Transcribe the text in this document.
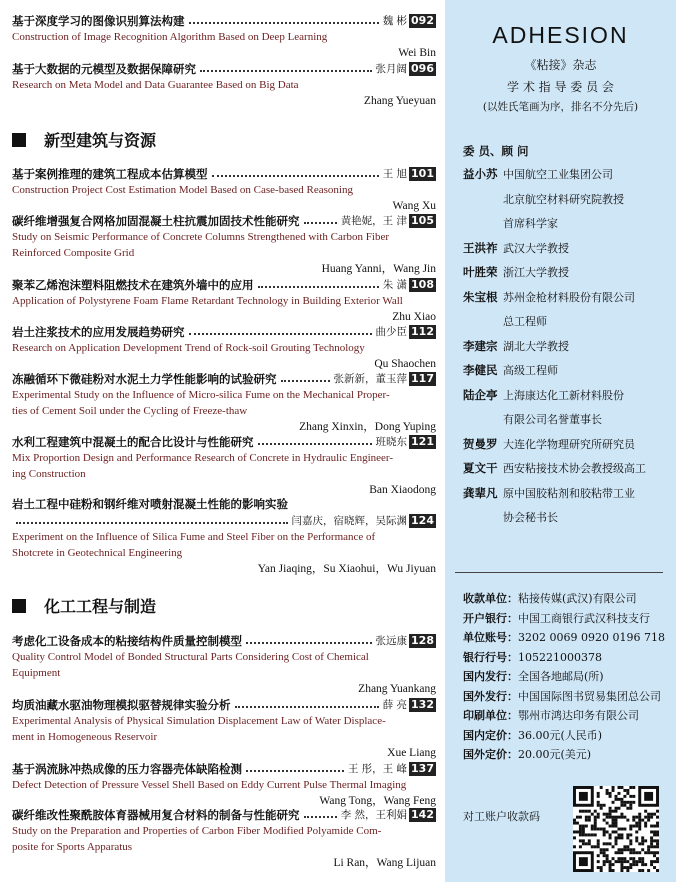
基于深度学习的图像识别算法构建	魏 彬 092
Construction of Image Recognition Algorithm Based on Deep Learning
Wei Bin
基于大数据的元模型及数据保障研究	张月阔 096
Research on Meta Model and Data Guarantee Based on Big Data
Zhang Yueyuan
新型建筑与资源
基于案例推理的建筑工程成本估算模型	王 旭 101
Construction Project Cost Estimation Model Based on Case-based Reasoning
Wang Xu
碳纤维增强复合网格加固混凝土柱抗震加固技术性能研究	黄艳妮，王 津 105
Study on Seismic Performance of Concrete Columns Strengthened with Carbon Fiber
Reinforced Composite Grid
Huang Yanni，Wang Jin
聚苯乙烯泡沫塑料阻燃技术在建筑外墙中的应用	朱 潇 108
Application of Polystyrene Foam Flame Retardant Technology in Building Exterior Wall
Zhu Xiao
岩土注浆技术的应用发展趋势研究	曲少臣 112
Research on Application Development Trend of Rock-soil Grouting Technology
Qu Shaochen
冻融循环下微硅粉对水泥土力学性能影响的试验研究	张新新，董玉萍 117
Experimental Study on the Influence of Micro-silica Fume on the Mechanical Proper-
ties of Cement Soil under the Cycling of Freeze-thaw
Zhang Xinxin，Dong Yuping
水利工程建筑中混凝土的配合比设计与性能研究	班晓东 121
Mix Proportion Design and Performance Research of Concrete in Hydraulic Engineer-
ing Construction
Ban Xiaodong
岩土工程中硅粉和钢纤维对喷射混凝土性能的影响实验
闫嘉庆，宿晓辉，吴际渊 124
Experiment on the Influence of Silica Fume and Steel Fiber on the Performance of
Shotcrete in Geotechnical Engineering
Yan Jiaqing，Su Xiaohui，Wu Jiyuan
化工工程与制造
考虑化工设备成本的粘接结构件质量控制模型	张远康 128
Quality Control Model of Bonded Structural Parts Considering Cost of Chemical
Equipment
Zhang Yuankang
均质油藏水驱油物理模拟驱替规律实验分析	薛 亮 132
Experimental Analysis of Physical Simulation Displacement Law of Water Displace-
ment in Homogeneous Reservoir
Xue Liang
基于涡流脉冲热成像的压力容器壳体缺陷检测	王 彤，王 峰 137
Defect Detection of Pressure Vessel Shell Based on Eddy Current Pulse Thermal Imaging
Wang Tong，Wang Feng
碳纤维改性聚酰胺体育器械用复合材料的制备与性能研究	李 然，王利娟 142
Study on the Preparation and Properties of Carbon Fiber Modified Polyamide Com-
posite for Sports Apparatus
Li Ran，Wang Lijuan
ADHESION
《粘接》杂志
学 术 指 导 委 员 会
(以姓氏笔画为序，排名不分先后)
委 员、顾 问
益小苏 中国航空工业集团公司
北京航空材料研究院教授
首席科学家
王洪祚 武汉大学教授
叶胜荣 浙江大学教授
朱宝根 苏州金枪材料股份有限公司
总工程师
李建宗 湖北大学教授
李健民 高级工程师
陆企亭 上海康达化工新材料股份
有限公司名誉董事长
贺曼罗 大连化学物理研究所研究员
夏文干 西安粘接技术协会教授级高工
龚辈凡 原中国胶粘剂和胶粘带工业
协会秘书长
收款单位：粘接传媒(武汉)有限公司
开户银行：中国工商银行武汉科技支行
单位账号：3202 0069 0920 0196 718
银行行号：105221000378
国内发行：全国各地邮局(所)
国外发行：中国国际图书贸易集团总公司
印刷单位：鄂州市鸿达印务有限公司
国内定价：36.00元(人民币)
国外定价：20.00元(美元)
对工账户收款码
